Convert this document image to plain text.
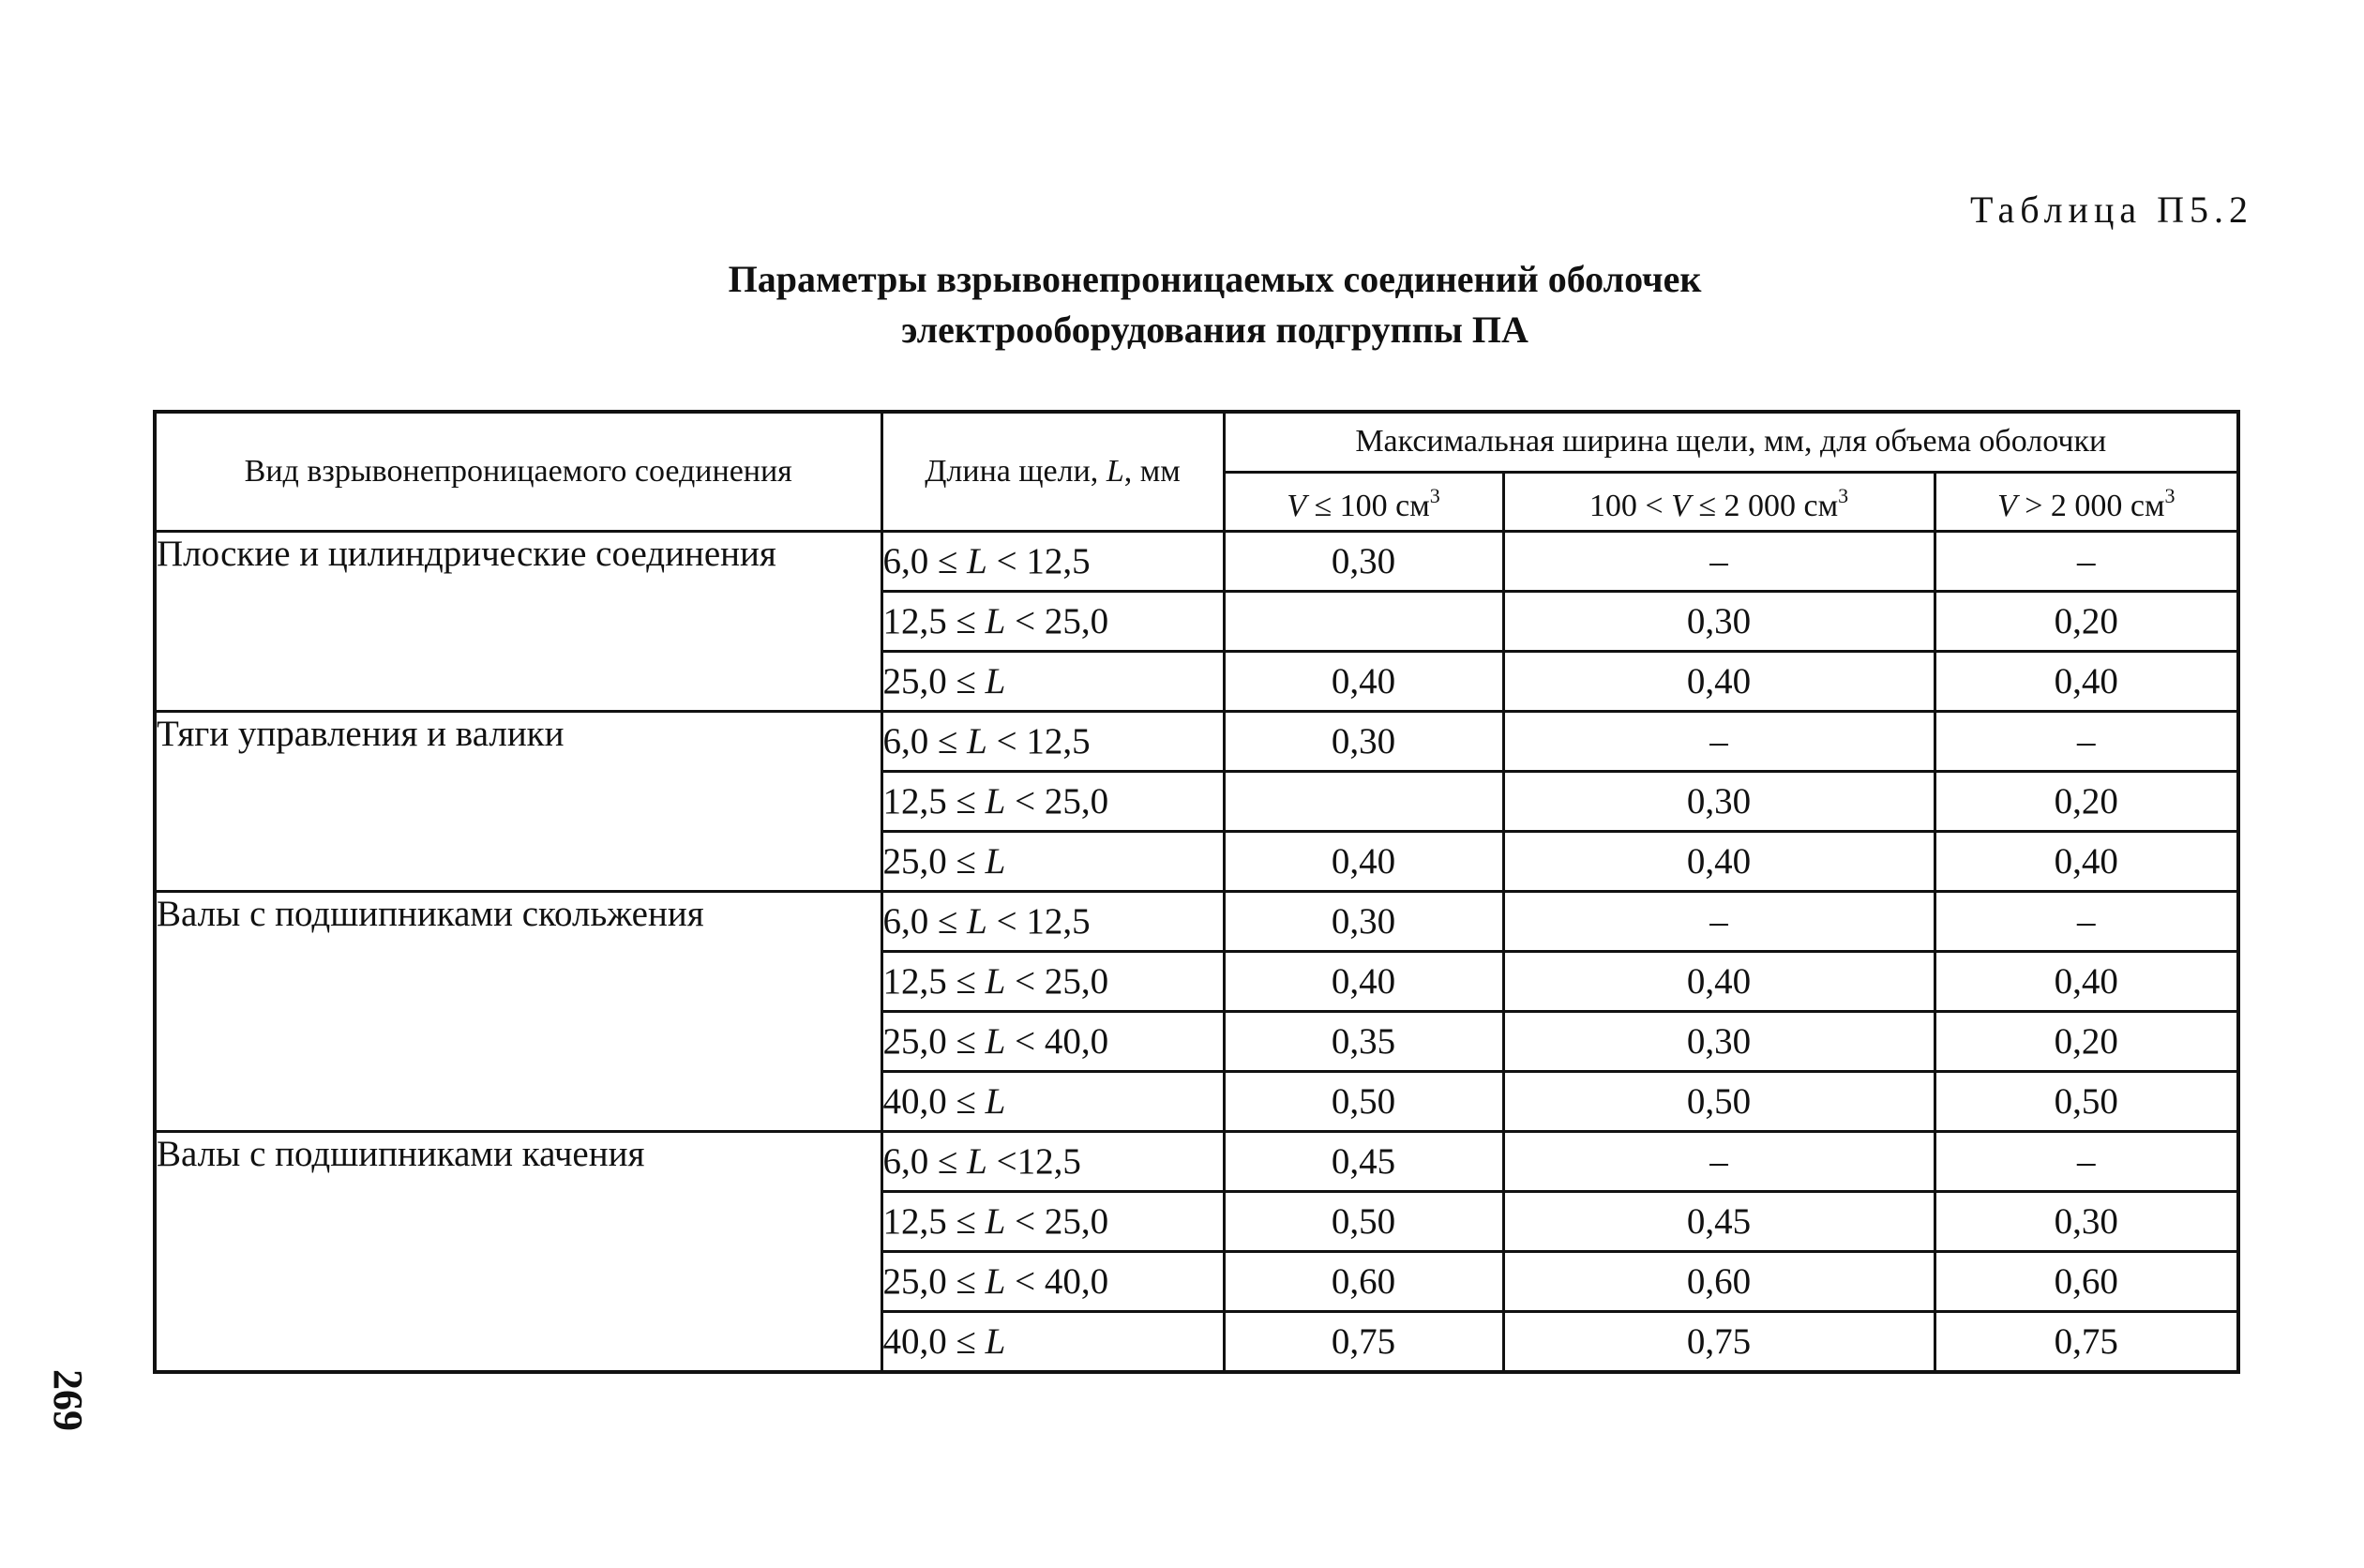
Таблица П5.2
Параметры взрывонепроницаемых соединений оболочек
электрооборудования подгруппы ПА
Вид взрывонепроницаемого соединения	Длина щели, L, мм	Максимальная ширина щели, мм, для объема оболочки		
		V ≤ 100 $см^3$	100 < V ≤ 2 000 $см^3$	V > 2 000 $см^3$
Плоские и цилиндрические соединения	6,0 ≤ L < 12,5	0,30	–	–
	12,5 ≤ L < 25,0		0,30	0,20
	25,0 ≤ L	0,40	0,40	0,40
Тяги управления и валики	6,0 ≤ L < 12,5	0,30	–	–
	12,5 ≤ L < 25,0		0,30	0,20
	25,0 ≤ L	0,40	0,40	0,40
Валы с подшипниками скольжения	6,0 ≤ L < 12,5	0,30	–	–
	12,5 ≤ L < 25,0	0,40	0,40	0,40
	25,0 ≤ L < 40,0	0,35	0,30	0,20
	40,0 ≤ L	0,50	0,50	0,50
Валы с подшипниками качения	6,0 ≤ L <12,5	0,45	–	–
	12,5 ≤ L < 25,0	0,50	0,45	0,30
	25,0 ≤ L < 40,0	0,60	0,60	0,60
	40,0 ≤ L	0,75	0,75	0,75
269
